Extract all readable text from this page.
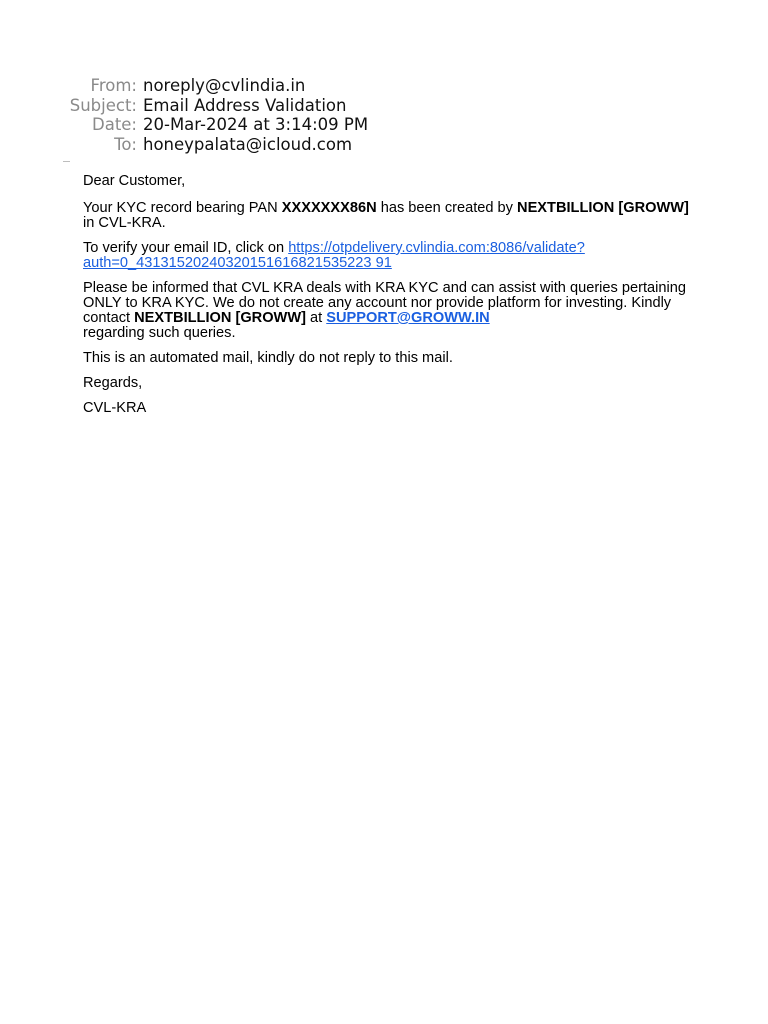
From: noreply@cvlindia.in
Subject: Email Address Validation
Date: 20-Mar-2024 at 3:14:09 PM
To: honeypalata@icloud.com

Dear Customer,

Your KYC record bearing PAN XXXXXXX86N has been created by NEXTBILLION [GROWW] in CVL-KRA.

To verify your email ID, click on https://otpdelivery.cvlindia.com:8086/validate?
auth=0_43131520240320151616821535223 91

Please be informed that CVL KRA deals with KRA KYC and can assist with queries pertaining ONLY to KRA KYC. We do not create any account nor provide platform for investing. Kindly contact NEXTBILLION [GROWW] at SUPPORT@GROWW.IN
regarding such queries.

This is an automated mail, kindly do not reply to this mail.

Regards,

CVL-KRA
